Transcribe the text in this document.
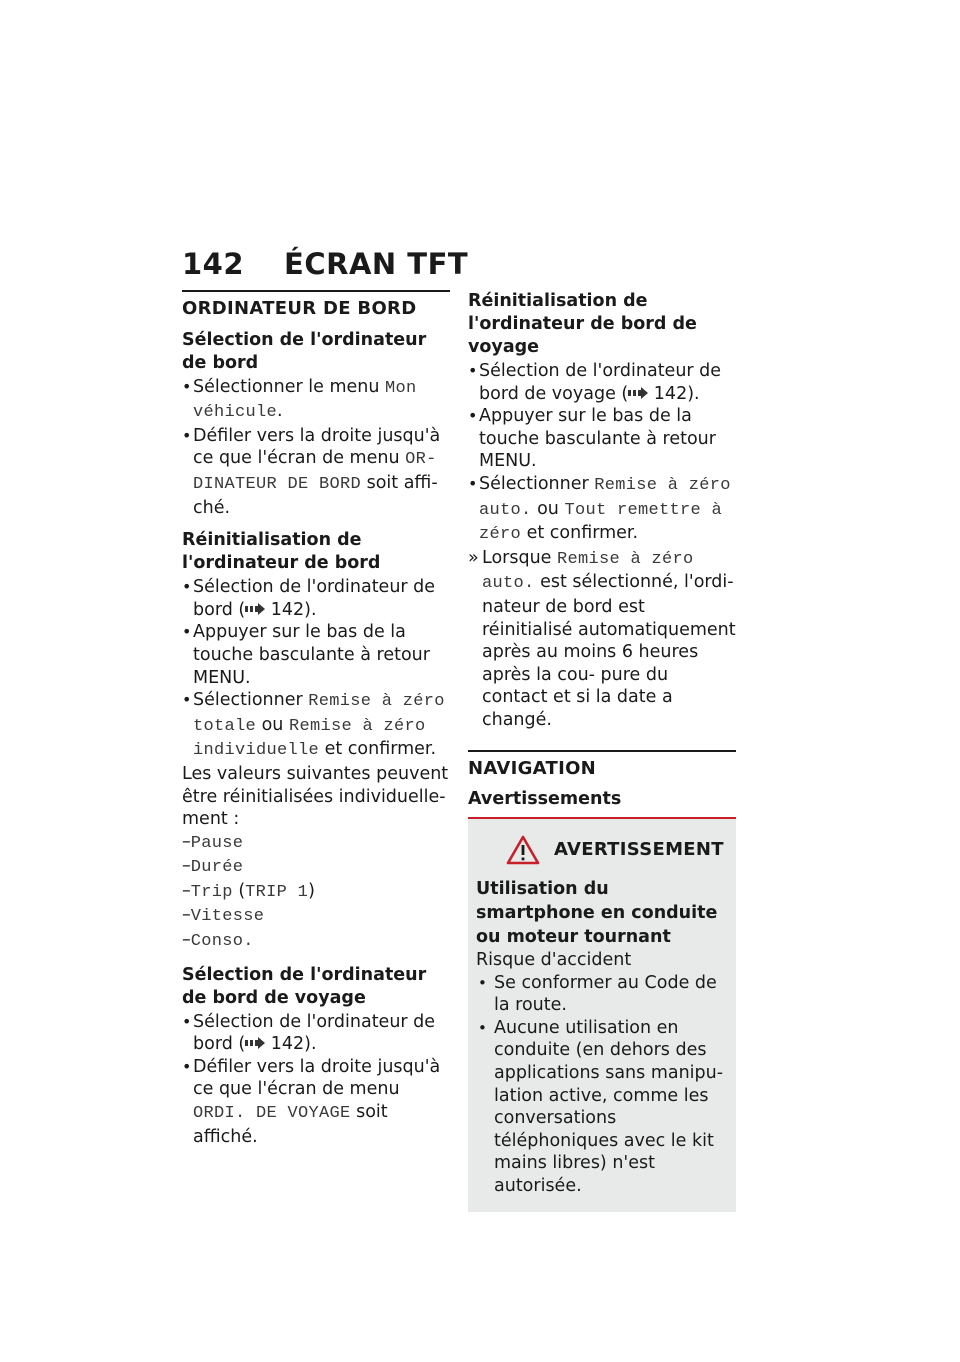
142 ÉCRAN TFT
ORDINATEUR DE BORD
Sélection de l'ordinateur de bord
• Sélectionner le menu Mon véhicule.
• Défiler vers la droite jusqu'à ce que l'écran de menu OR- DINATEUR DE BORD soit affi- ché.
Réinitialisation de l'ordinateur de bord
• Sélection de l'ordinateur de bord ( 142).
• Appuyer sur le bas de la touche basculante à retour MENU.
• Sélectionner Remise à zéro totale ou Remise à zéro individuelle et confirmer.
Les valeurs suivantes peuvent être réinitialisées individuelle- ment :
–Pause
–Durée
–Trip (TRIP 1)
–Vitesse
–Conso.
Sélection de l'ordinateur de bord de voyage
• Sélection de l'ordinateur de bord ( 142).
• Défiler vers la droite jusqu'à ce que l'écran de menu ORDI. DE VOYAGE soit affiché.
Réinitialisation de l'ordinateur de bord de voyage
• Sélection de l'ordinateur de bord de voyage ( 142).
• Appuyer sur le bas de la touche basculante à retour MENU.
• Sélectionner Remise à zéro auto. ou Tout remettre à zéro et confirmer.
» Lorsque Remise à zéro auto. est sélectionné, l'ordi- nateur de bord est réinitialisé automatiquement après au moins 6 heures après la cou- pure du contact et si la date a changé.
NAVIGATION
Avertissements
AVERTISSEMENT
Utilisation du smartphone en conduite ou moteur tournant
Risque d'accident
• Se conformer au Code de la route.
• Aucune utilisation en conduite (en dehors des applications sans manipu- lation active, comme les conversations téléphoniques avec le kit mains libres) n'est autorisée.
